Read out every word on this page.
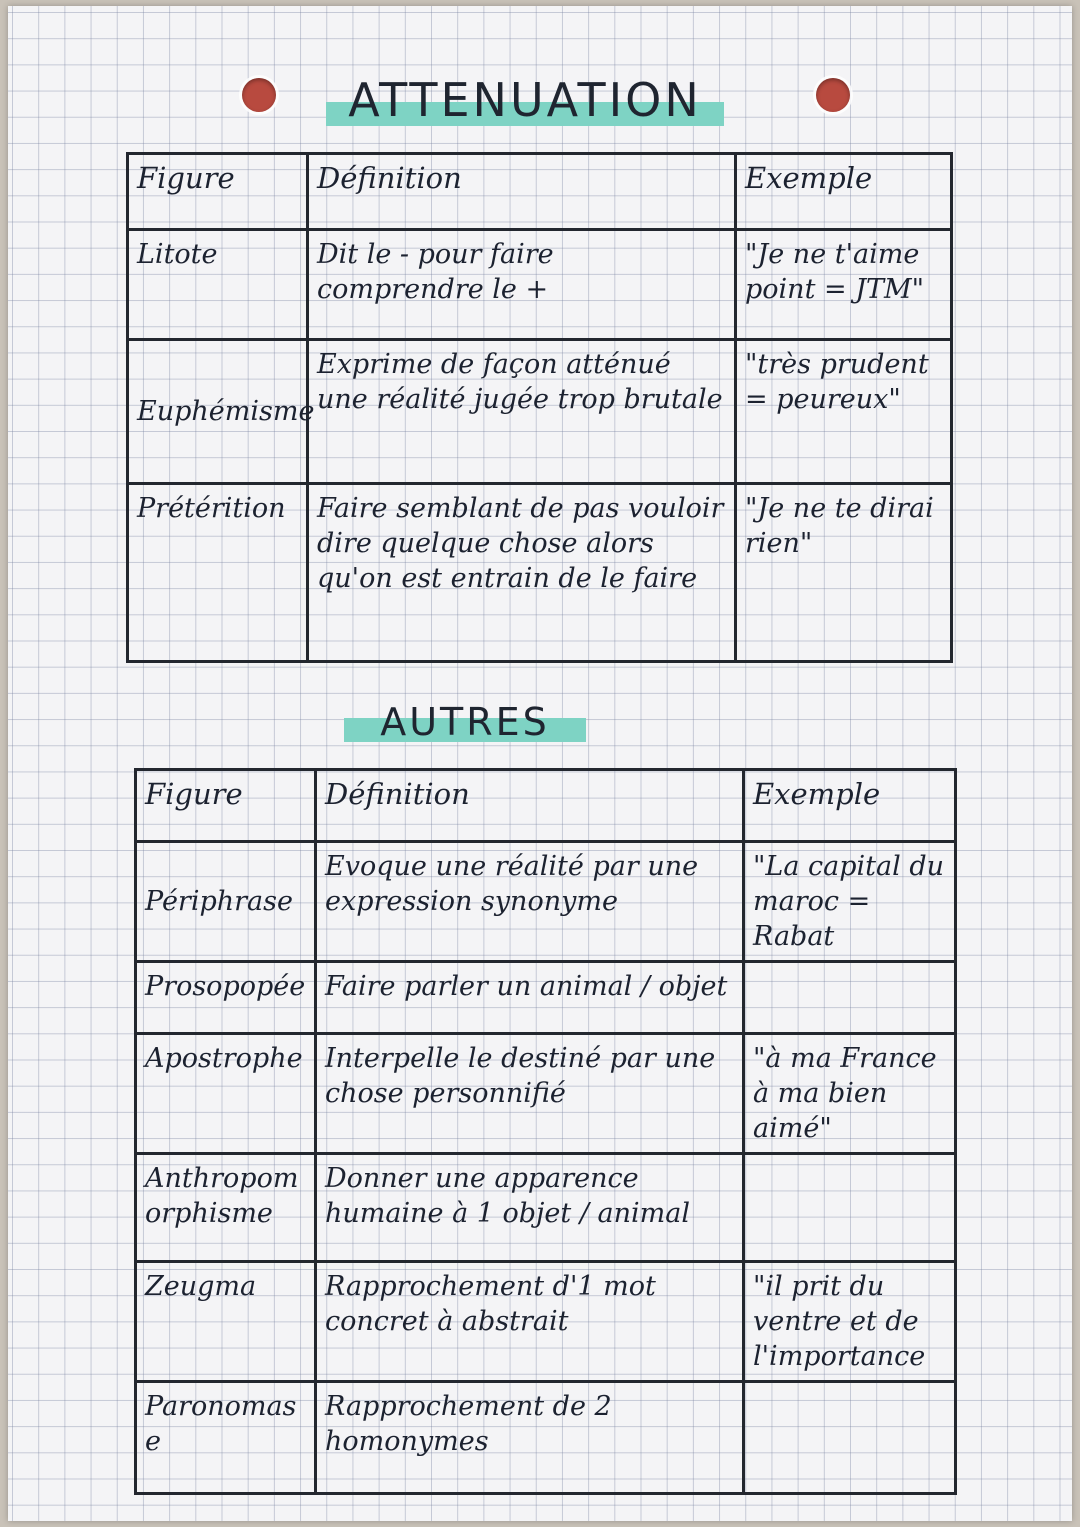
ATTENUATION
Figure	Définition	Exemple
Litote	Dit le - pour faire comprendre le +	"Je ne t'aime point = JTM"
Euphémisme	Exprime de façon atténué une réalité jugée trop brutale	"très prudent = peureux"
Prétérition	Faire semblant de pas vouloir dire quelque chose alors qu'on est entrain de le faire	"Je ne te dirai rien"
AUTRES
Figure	Définition	Exemple
Périphrase	Evoque une réalité par une expression synonyme	"La capital du maroc = Rabat
Prosopopée	Faire parler un animal / objet	
Apostrophe	Interpelle le destiné par une chose personnifié	"à ma France à ma bien aimé"
Anthropomorphisme	Donner une apparence humaine à 1 objet / animal	
Zeugma	Rapprochement d'1 mot concret à abstrait	"il prit du ventre et de l'importance
Paronomase	Rapprochement de 2 homonymes	
